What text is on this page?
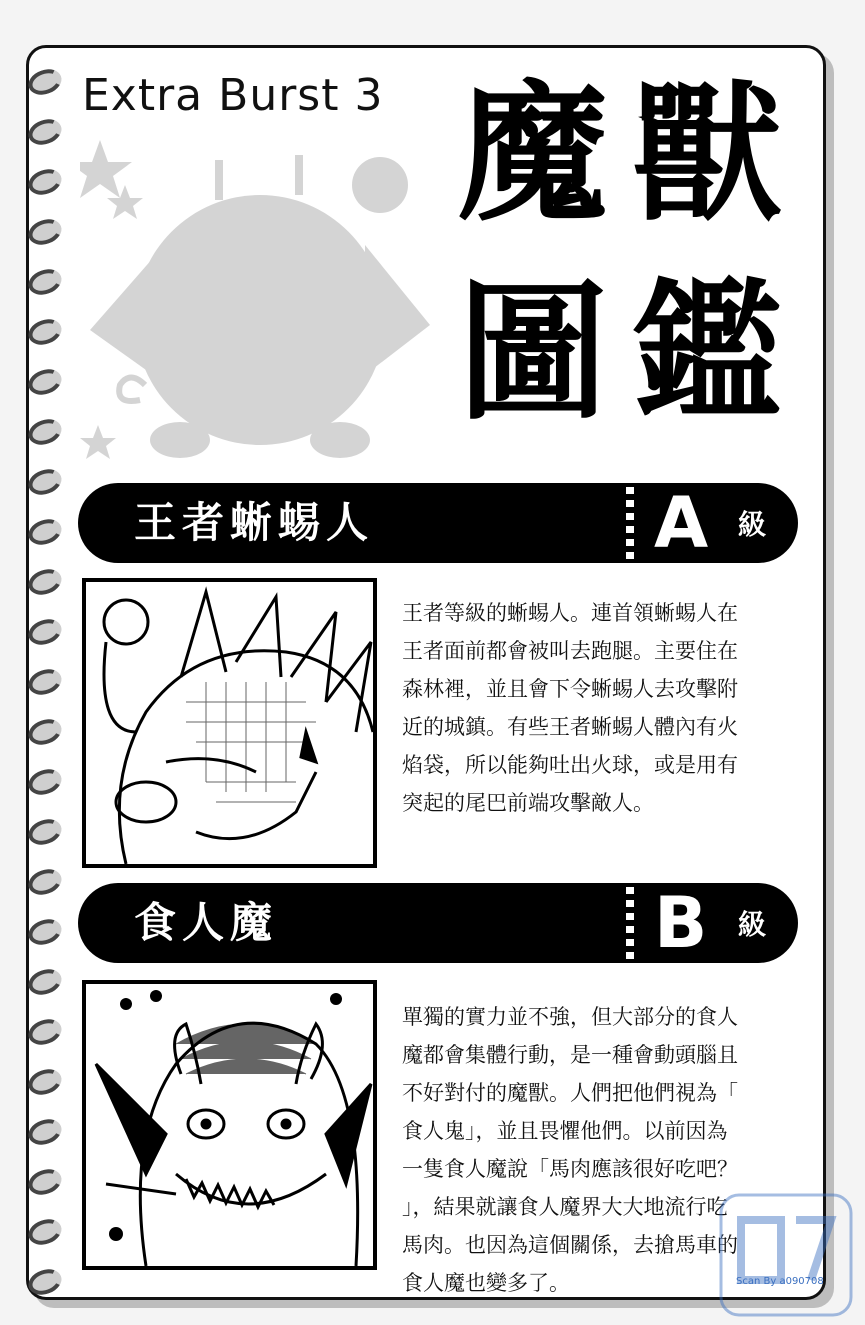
Extra Burst 3 魔 獸
圖 鑑
王者蜥蜴人	A 級

王者等級的蜥蜴人。連首領蜥蜴人在
王者面前都會被叫去跑腿。主要住在
森林裡，並且會下令蜥蜴人去攻擊附
近的城鎮。有些王者蜥蜴人體內有火
焰袋，所以能夠吐出火球，或是用有
突起的尾巴前端攻擊敵人。

食人魔	B 級

單獨的實力並不強，但大部分的食人
魔都會集體行動，是一種會動頭腦且
不好對付的魔獸。人們把他們視為「
食人鬼」，並且畏懼他們。以前因為
一隻食人魔說「馬肉應該很好吃吧？
」，結果就讓食人魔界大大地流行吃
馬肉。也因為這個關係，去搶馬車的
食人魔也變多了。	Scan By a090708
